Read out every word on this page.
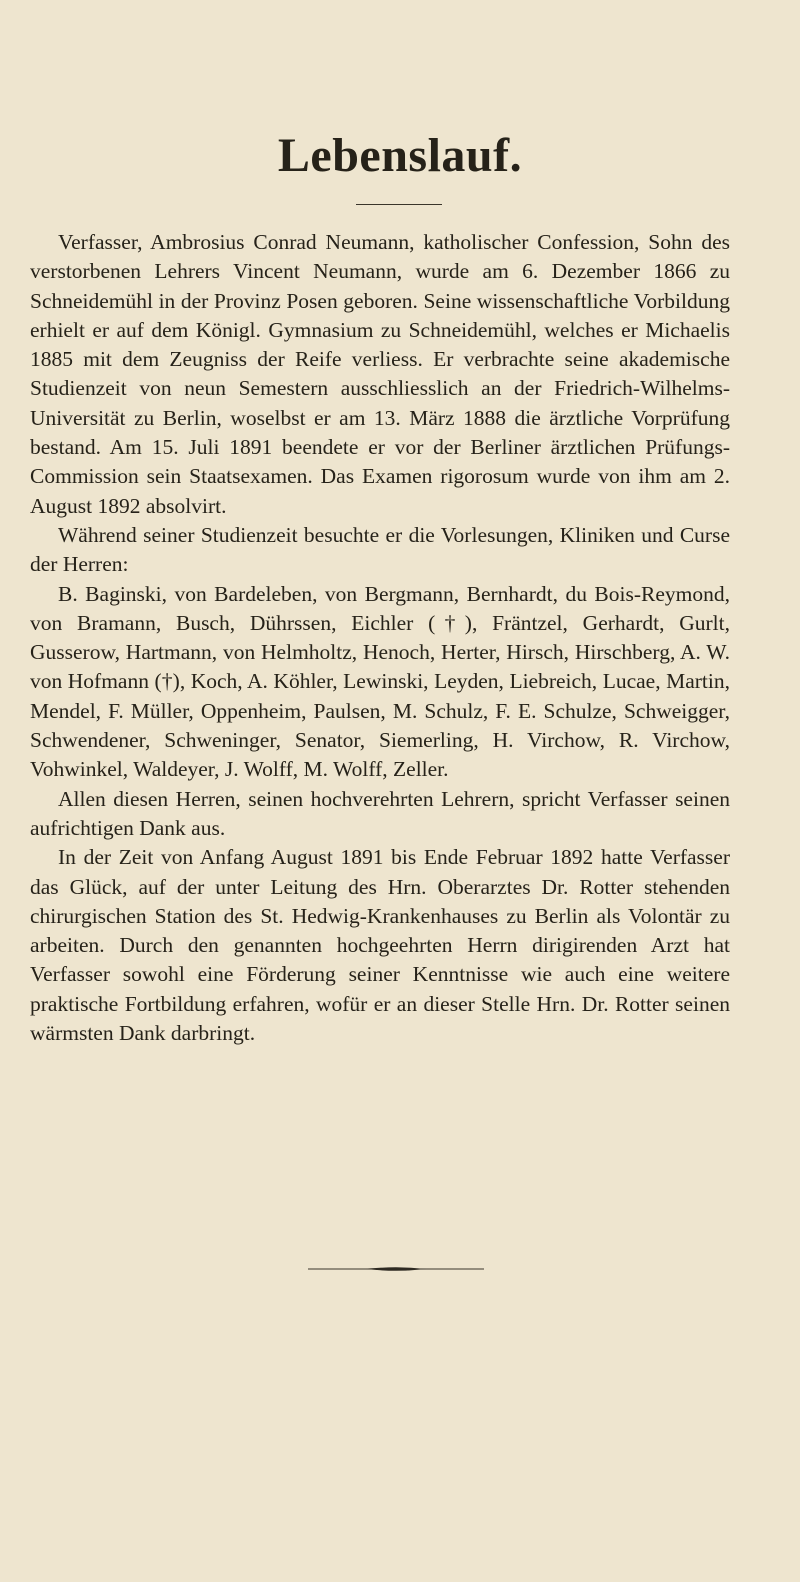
Lebenslauf.

Verfasser, Ambrosius Conrad Neumann, katholischer Confession, Sohn des verstorbenen Lehrers Vincent Neumann, wurde am 6. Dezember 1866 zu Schneidemühl in der Provinz Posen geboren. Seine wissenschaftliche Vorbildung erhielt er auf dem Königl. Gymnasium zu Schneidemühl, welches er Michaelis 1885 mit dem Zeugniss der Reife verliess. Er verbrachte seine akademische Studienzeit von neun Semestern ausschliesslich an der Friedrich-Wilhelms-Universität zu Berlin, woselbst er am 13. März 1888 die ärztliche Vorprüfung bestand. Am 15. Juli 1891 beendete er vor der Berliner ärztlichen Prüfungs-Commission sein Staatsexamen. Das Examen rigorosum wurde von ihm am 2. August 1892 absolvirt.

Während seiner Studienzeit besuchte er die Vorlesungen, Kliniken und Curse der Herren:

B. Baginski, von Bardeleben, von Bergmann, Bernhardt, du Bois-Reymond, von Bramann, Busch, Dührssen, Eichler (†), Fräntzel, Gerhardt, Gurlt, Gusserow, Hartmann, von Helmholtz, Henoch, Herter, Hirsch, Hirschberg, A. W. von Hofmann (†), Koch, A. Köhler, Lewinski, Leyden, Liebreich, Lucae, Martin, Mendel, F. Müller, Oppenheim, Paulsen, M. Schulz, F. E. Schulze, Schweigger, Schwendener, Schweninger, Senator, Siemerling, H. Virchow, R. Virchow, Vohwinkel, Waldeyer, J. Wolff, M. Wolff, Zeller.

Allen diesen Herren, seinen hochverehrten Lehrern, spricht Verfasser seinen aufrichtigen Dank aus.

In der Zeit von Anfang August 1891 bis Ende Februar 1892 hatte Verfasser das Glück, auf der unter Leitung des Hrn. Oberarztes Dr. Rotter stehenden chirurgischen Station des St. Hedwig-Krankenhauses zu Berlin als Volontär zu arbeiten. Durch den genannten hochgeehrten Herrn dirigirenden Arzt hat Verfasser sowohl eine Förderung seiner Kenntnisse wie auch eine weitere praktische Fortbildung erfahren, wofür er an dieser Stelle Hrn. Dr. Rotter seinen wärmsten Dank darbringt.
